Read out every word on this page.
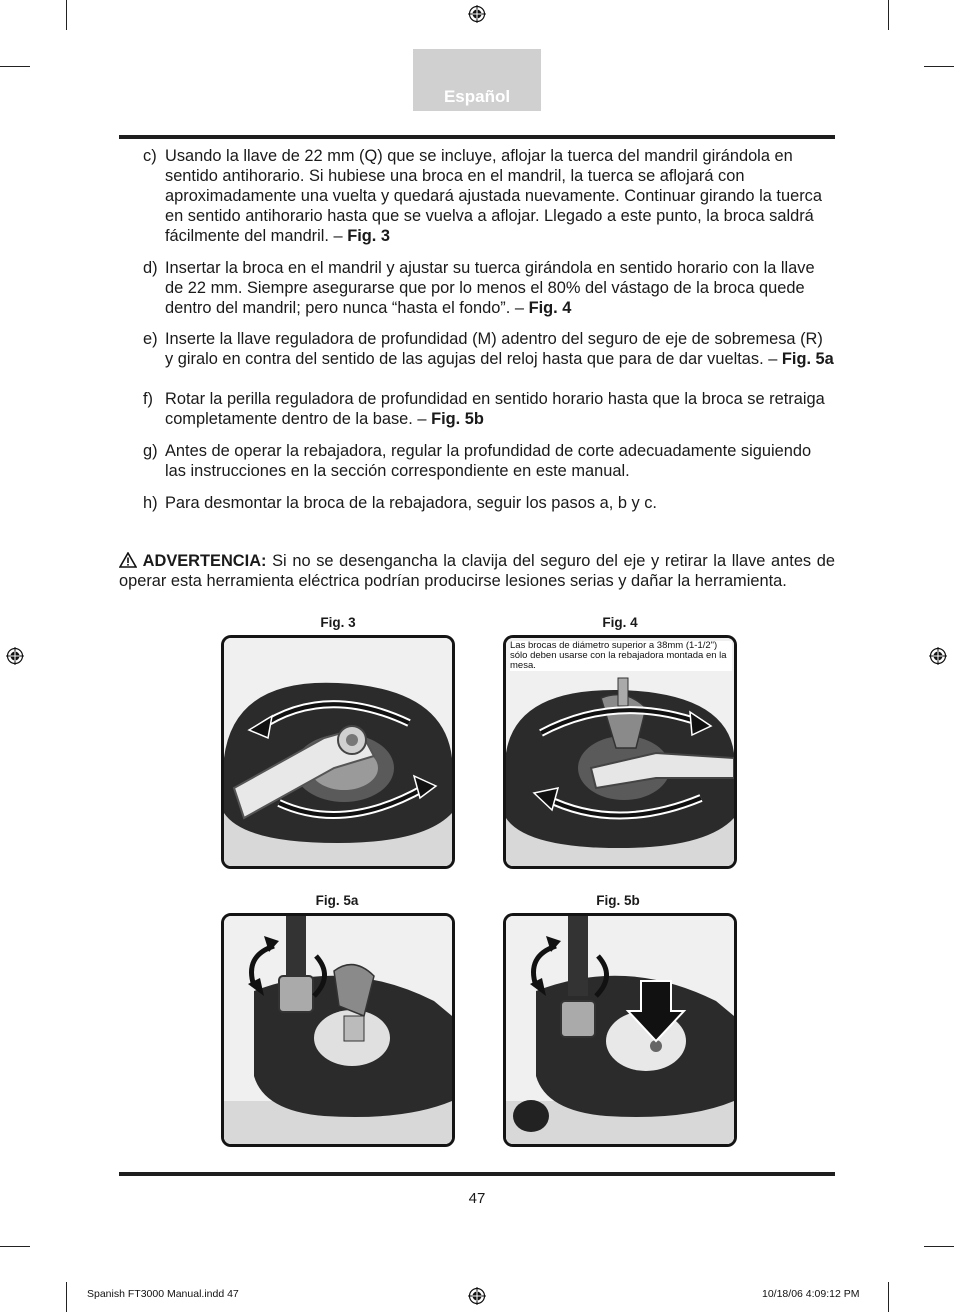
Español
c) Usando la llave de 22 mm (Q) que se incluye, aflojar la tuerca del mandril girándola en sentido antihorario. Si hubiese una broca en el mandril, la tuerca se aflojará con aproximadamente una vuelta y quedará ajustada nuevamente. Continuar girando la tuerca en sentido antihorario hasta que se vuelva a aflojar. Llegado a este punto, la broca saldrá fácilmente del mandril. – Fig. 3
d) Insertar la broca en el mandril y ajustar su tuerca girándola en sentido horario con la llave de 22 mm. Siempre asegurarse que por lo menos el 80% del vástago de la broca quede dentro del mandril; pero nunca “hasta el fondo”. – Fig. 4
e) Inserte la llave reguladora de profundidad (M) adentro del seguro de eje de sobremesa (R) y giralo en contra del sentido de las agujas del reloj hasta que para de dar vueltas. – Fig. 5a
f) Rotar la perilla reguladora de profundidad en sentido horario hasta que la broca se retraiga completamente dentro de la base. – Fig. 5b
g) Antes de operar la rebajadora, regular la profundidad de corte adecuadamente siguiendo las instrucciones en la sección correspondiente en este manual.
h) Para desmontar la broca de la rebajadora, seguir los pasos a, b y c.
ADVERTENCIA: Si no se desengancha la clavija del seguro del eje y retirar la llave antes de operar esta herramienta eléctrica podrían producirse lesiones serias y dañar la herramienta.
Fig. 3	Fig. 4
Fig. 5a	Fig. 5b
Las brocas de diámetro superior a 38mm (1-1/2") sólo deben usarse con la rebajadora montada en la mesa.
47
Spanish FT3000 Manual.indd 47	10/18/06 4:09:12 PM
